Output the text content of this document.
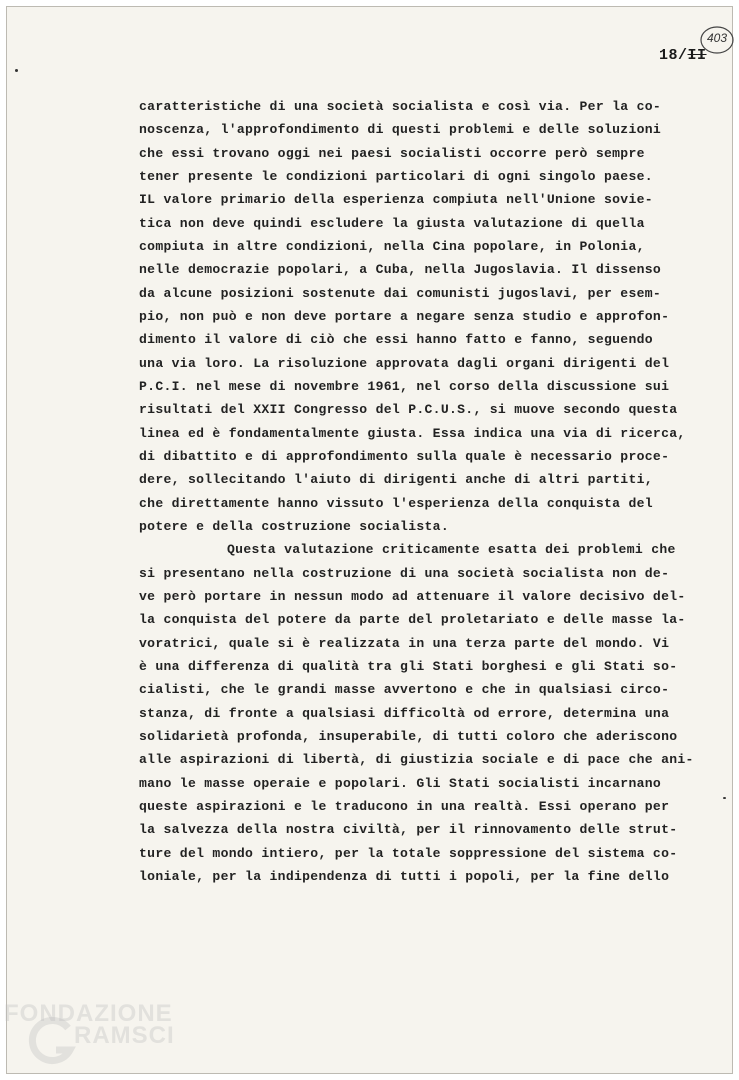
403
18/II
caratteristiche di una società socialista e così via. Per la co-
noscenza, l'approfondimento di questi problemi e delle soluzioni
che essi trovano oggi nei paesi socialisti occorre però sempre
tener presente le condizioni particolari di ogni singolo paese.
IL valore primario della esperienza compiuta nell'Unione sovie-
tica non deve quindi escludere la giusta valutazione di quella
compiuta in altre condizioni, nella Cina popolare, in Polonia,
nelle democrazie popolari, a Cuba, nella Jugoslavia. Il dissenso
da alcune posizioni sostenute dai comunisti jugoslavi, per esem-
pio, non può e non deve portare a negare senza studio e approfon-
dimento il valore di ciò che essi hanno fatto e fanno, seguendo
una via loro. La risoluzione approvata dagli organi dirigenti del
P.C.I. nel mese di novembre 1961, nel corso della discussione sui
risultati del XXII Congresso del P.C.U.S., si muove secondo questa
linea ed è fondamentalmente giusta. Essa indica una via di ricerca,
di dibattito e di approfondimento sulla quale è necessario proce-
dere, sollecitando l'aiuto di dirigenti anche di altri partiti,
che direttamente hanno vissuto l'esperienza della conquista del
potere e della costruzione socialista.
Questa valutazione criticamente esatta dei problemi che
si presentano nella costruzione di una società socialista non de-
ve però portare in nessun modo ad attenuare il valore decisivo del-
la conquista del potere da parte del proletariato e delle masse la-
voratrici, quale si è realizzata in una terza parte del mondo. Vi
è una differenza di qualità tra gli Stati borghesi e gli Stati so-
cialisti, che le grandi masse avvertono e che in qualsiasi circo-
stanza, di fronte a qualsiasi difficoltà od errore, determina una
solidarietà profonda, insuperabile, di tutti coloro che aderiscono
alle aspirazioni di libertà, di giustizia sociale e di pace che ani-
mano le masse operaie e popolari. Gli Stati socialisti incarnano
queste aspirazioni e le traducono in una realtà. Essi operano per
la salvezza della nostra civiltà, per il rinnovamento delle strut-
ture del mondo intiero, per la totale soppressione del sistema co-
loniale, per la indipendenza di tutti i popoli, per la fine dello
FONDAZIONE
RAMSCI
